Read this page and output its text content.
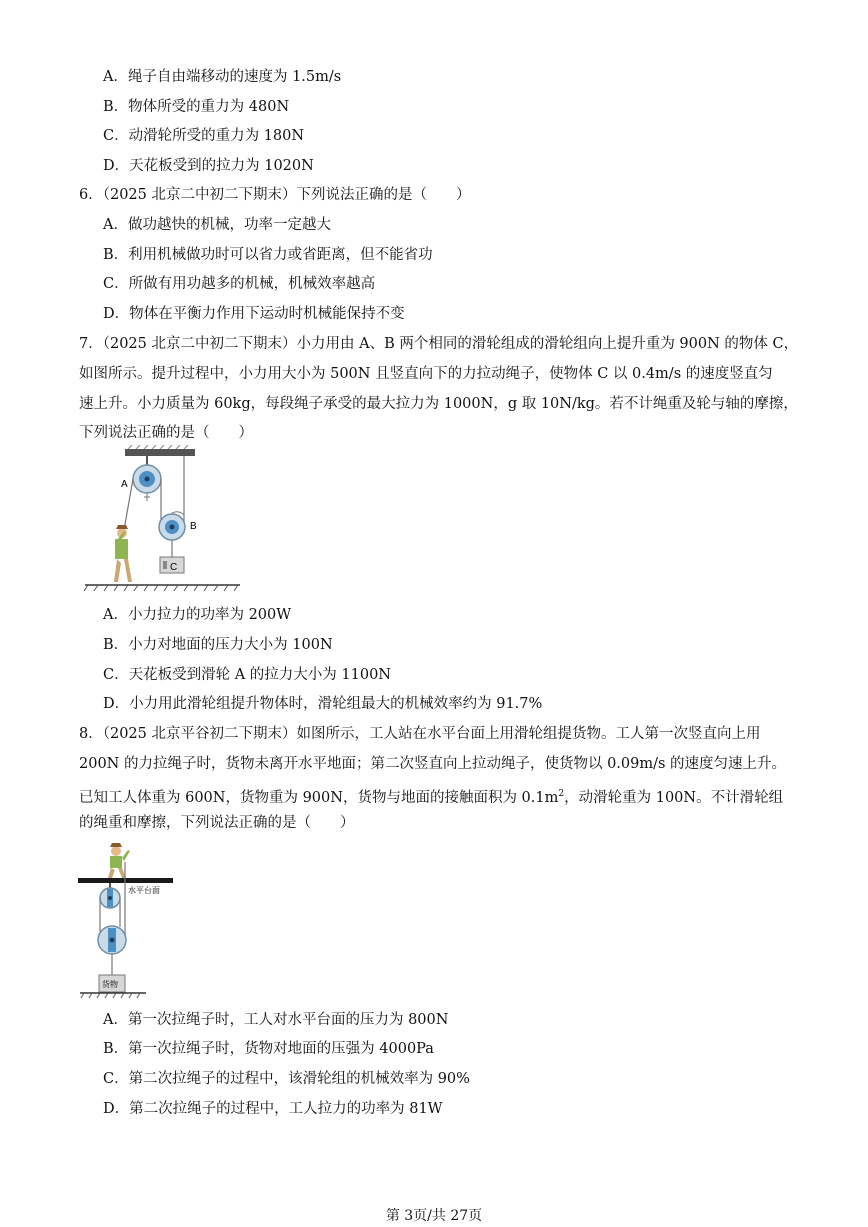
A．绳子自由端移动的速度为 1.5m/s
B．物体所受的重力为 480N
C．动滑轮所受的重力为 180N
D．天花板受到的拉力为 1020N
6．（2025 北京二中初二下期末）下列说法正确的是（　　）
A．做功越快的机械，功率一定越大
B．利用机械做功时可以省力或省距离，但不能省功
C．所做有用功越多的机械，机械效率越高
D．物体在平衡力作用下运动时机械能保持不变
7．（2025 北京二中初二下期末）小力用由 A、B 两个相同的滑轮组成的滑轮组向上提升重为 900N 的物体 C，
如图所示。提升过程中，小力用大小为 500N 且竖直向下的力拉动绳子，使物体 C 以 0.4m/s 的速度竖直匀
速上升。小力质量为 60kg，每段绳子承受的最大拉力为 1000N，g 取 10N/kg。若不计绳重及轮与轴的摩擦，
下列说法正确的是（　　）
A
B
C
A．小力拉力的功率为 200W
B．小力对地面的压力大小为 100N
C．天花板受到滑轮 A 的拉力大小为 1100N
D．小力用此滑轮组提升物体时，滑轮组最大的机械效率约为 91.7%
8．（2025 北京平谷初二下期末）如图所示，工人站在水平台面上用滑轮组提货物。工人第一次竖直向上用
200N 的力拉绳子时，货物未离开水平地面；第二次竖直向上拉动绳子，使货物以 0.09m/s 的速度匀速上升。
已知工人体重为 600N，货物重为 900N，货物与地面的接触面积为 $0.1m^2$，动滑轮重为 100N。不计滑轮组
的绳重和摩擦，下列说法正确的是（　　）
水平台面
货物
A．第一次拉绳子时，工人对水平台面的压力为 800N
B．第一次拉绳子时，货物对地面的压强为 4000Pa
C．第二次拉绳子的过程中，该滑轮组的机械效率为 90%
D．第二次拉绳子的过程中，工人拉力的功率为 81W
第 3页/共 27页
